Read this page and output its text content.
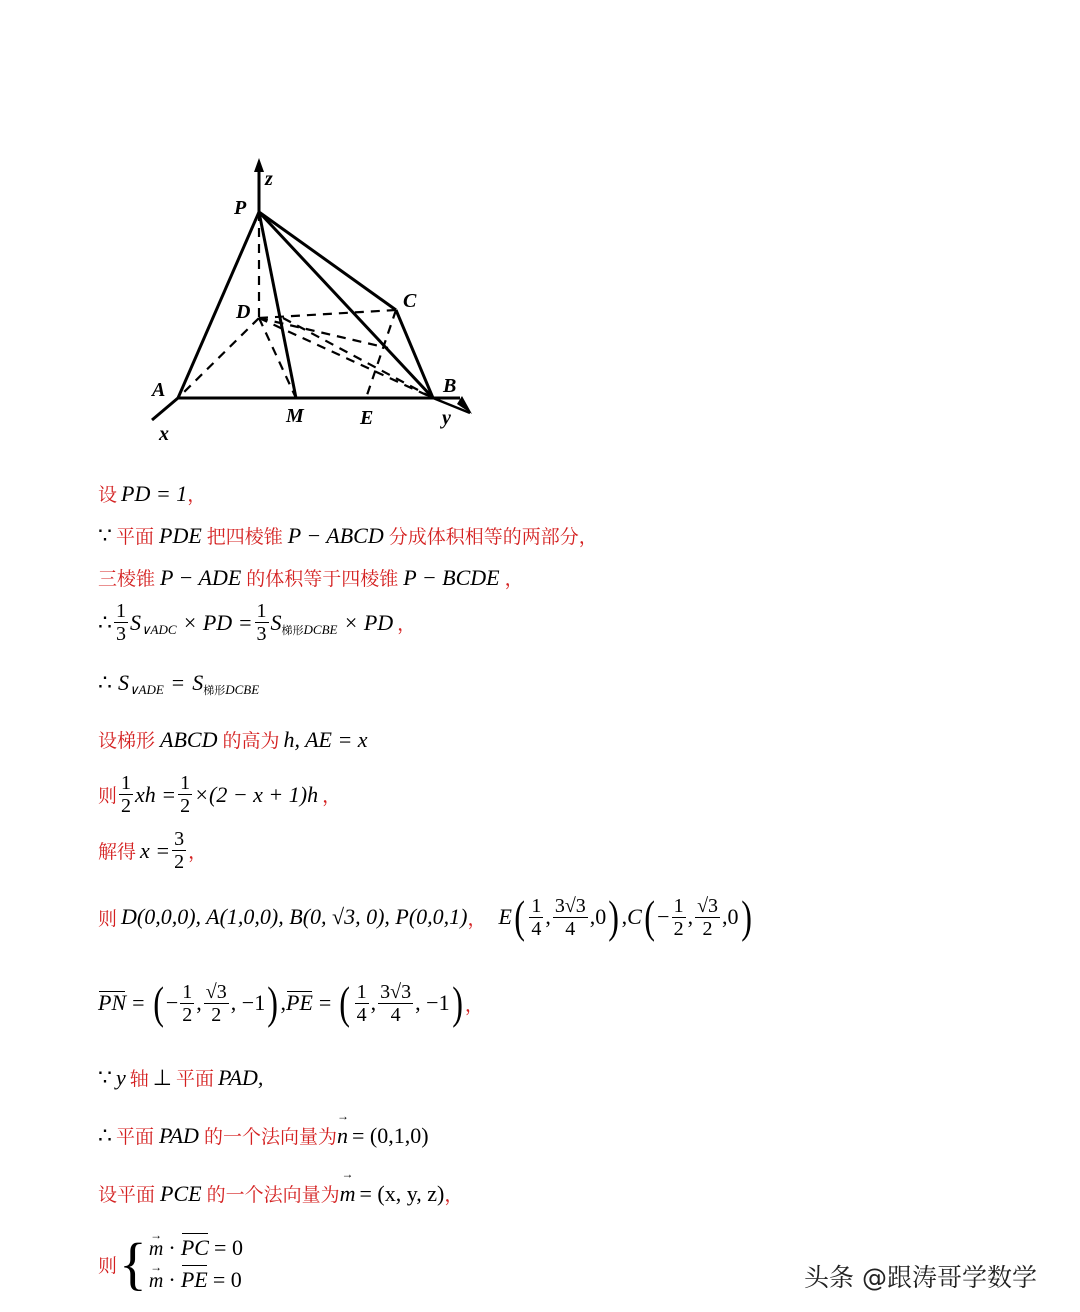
z
P
D	C
A
M	E
B
x
y
设 PD = 1 ，
∵ 平面 PDE 把四棱锥 P − ABCD 分成体积相等的两部分，
三棱锥 P − ADE 的体积等于四棱锥 P − BCDE ，
∴ $\frac{1}{3}$ S ∨ADC × PD = $\frac{1}{3}$ S 梯形 DCBE × PD ，
∴ S ∨ADE = S 梯形 DCBE
设梯形 ABCD 的高为 h, AE = x
则 $\frac{1}{2}$ xh = $\frac{1}{2} \times(2 - x + 1)h$ ，
解得 $x = \frac{3}{2}$ ，
则 D(0,0,0), A(1,0,0), B(0, √3, 0), P(0,0,1) ， E ( $\frac{1}{4}$ , $\frac{3√3}{4} ,0$ ) , C ( − $\frac{1}{2}$ , $\frac{√3}{2} ,0$ )
PN = ( − $\frac{1}{2}$ , $\frac{√3}{2}$ , −1 ) , PE = ( $\frac{1}{4}$ , $\frac{3√3}{4}$ , −1 ) ，
∵ y 轴 ⊥ 平面 PAD,
∴ 平面 PAD 的一个法向量为 → n = (0,1,0)
设平面 PCE 的一个法向量为 → m = (x, y, z) ，
则 { → m · PC = 0
→ m · PE = 0	头条 @跟涛哥学数学
